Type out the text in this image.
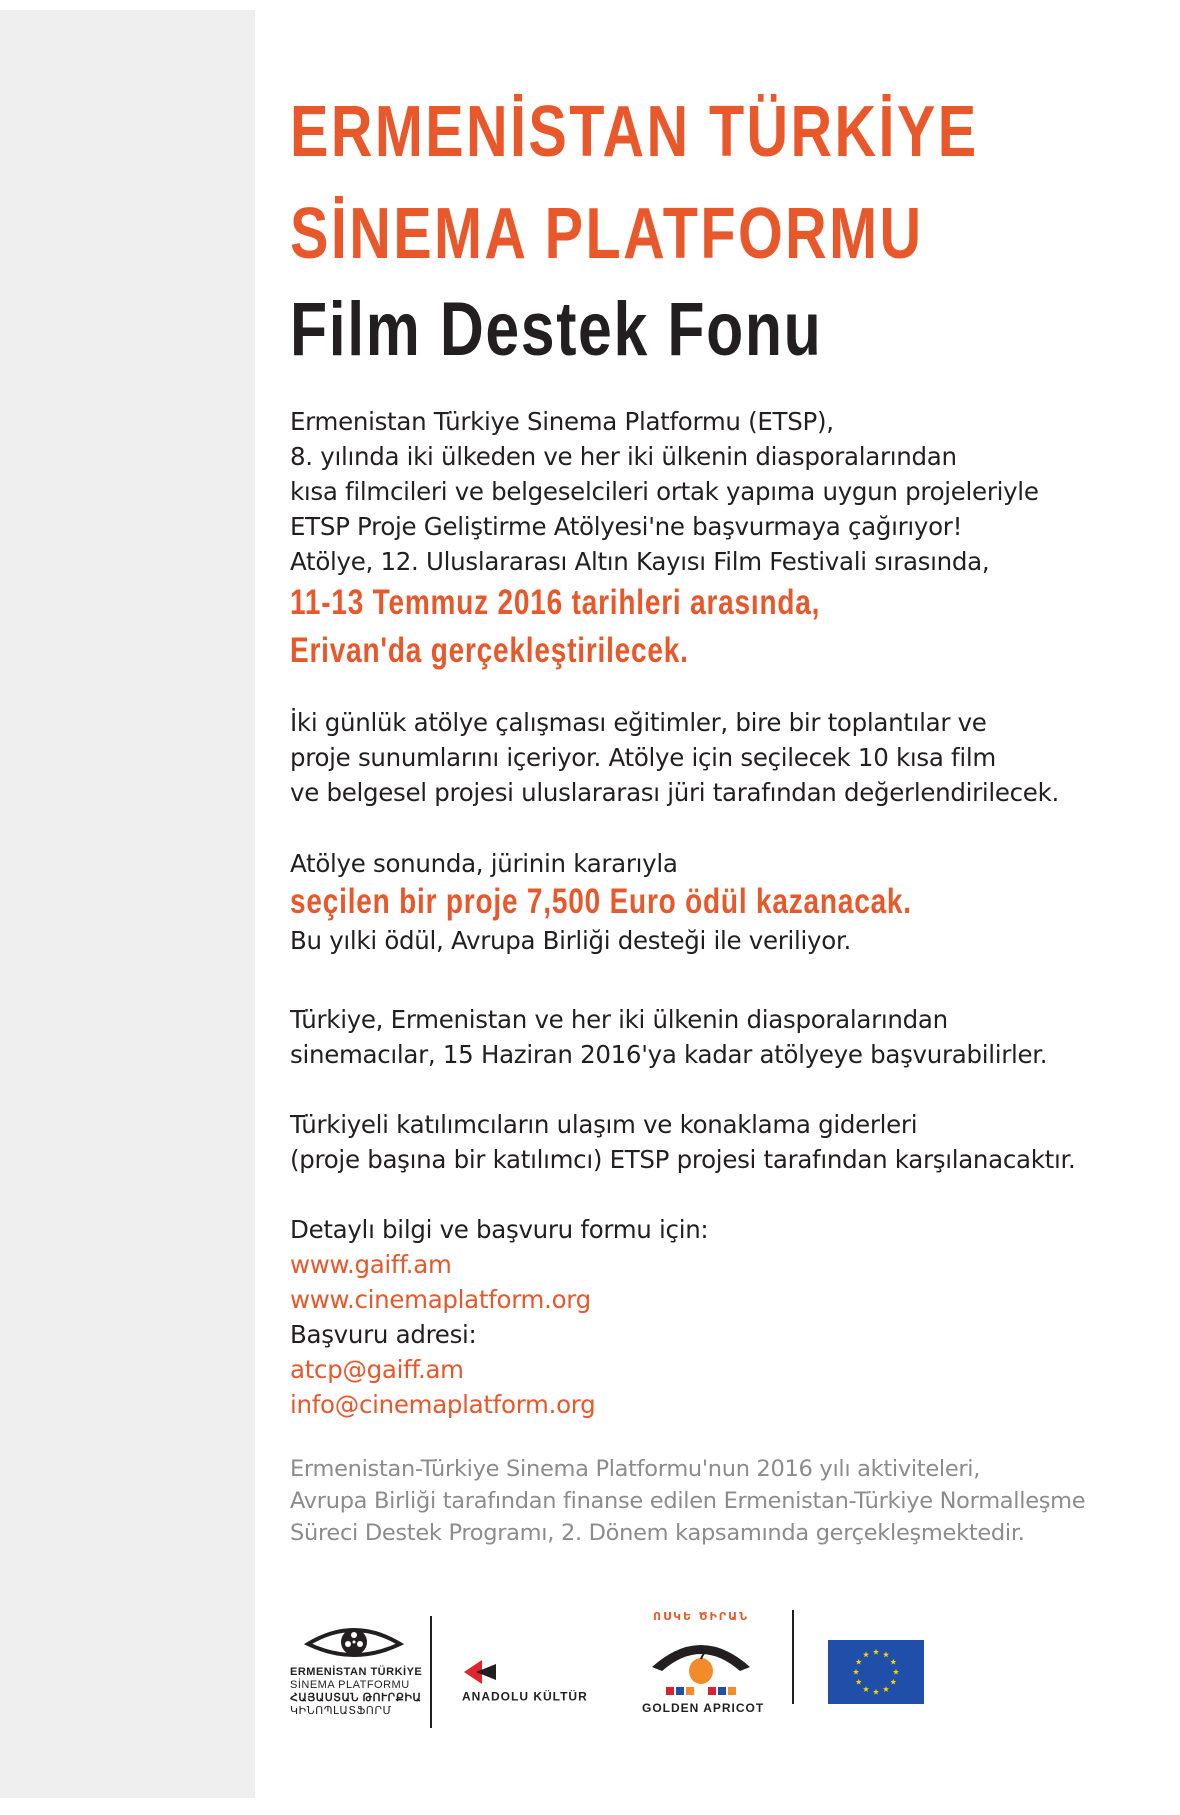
ERMENİSTAN TÜRKİYE
SİNEMA PLATFORMU
Film Destek Fonu
Ermenistan Türkiye Sinema Platformu (ETSP),
8. yılında iki ülkeden ve her iki ülkenin diasporalarından
kısa filmcileri ve belgeselcileri ortak yapıma uygun projeleriyle
ETSP Proje Geliştirme Atölyesi'ne başvurmaya çağırıyor!
Atölye, 12. Uluslararası Altın Kayısı Film Festivali sırasında,
11-13 Temmuz 2016 tarihleri arasında,
Erivan'da gerçekleştirilecek.
İki günlük atölye çalışması eğitimler, bire bir toplantılar ve
proje sunumlarını içeriyor. Atölye için seçilecek 10 kısa film
ve belgesel projesi uluslararası jüri tarafından değerlendirilecek.
Atölye sonunda, jürinin kararıyla
seçilen bir proje 7,500 Euro ödül kazanacak.
Bu yılki ödül, Avrupa Birliği desteği ile veriliyor.
Türkiye, Ermenistan ve her iki ülkenin diasporalarından
sinemacılar, 15 Haziran 2016'ya kadar atölyeye başvurabilirler.
Türkiyeli katılımcıların ulaşım ve konaklama giderleri
(proje başına bir katılımcı) ETSP projesi tarafından karşılanacaktır.
Detaylı bilgi ve başvuru formu için:
www.gaiff.am
www.cinemaplatform.org
Başvuru adresi:
atcp@gaiff.am
info@cinemaplatform.org
Ermenistan-Türkiye Sinema Platformu'nun 2016 yılı aktiviteleri,
Avrupa Birliği tarafından finanse edilen Ermenistan-Türkiye Normalleşme
Süreci Destek Programı, 2. Dönem kapsamında gerçekleşmektedir.
ERMENİSTAN TÜRKİYE
SİNEMA PLATFORMU
ՀԱՅԱՍՏԱՆ ԹՈՒՐՔԻԱ
ԿԻՆՈՊԼԱՏՖՈՐՄ
ANADOLU KÜLTÜR
ՈՍԿԵ ԾԻՐԱՆ
GOLDEN APRICOT
